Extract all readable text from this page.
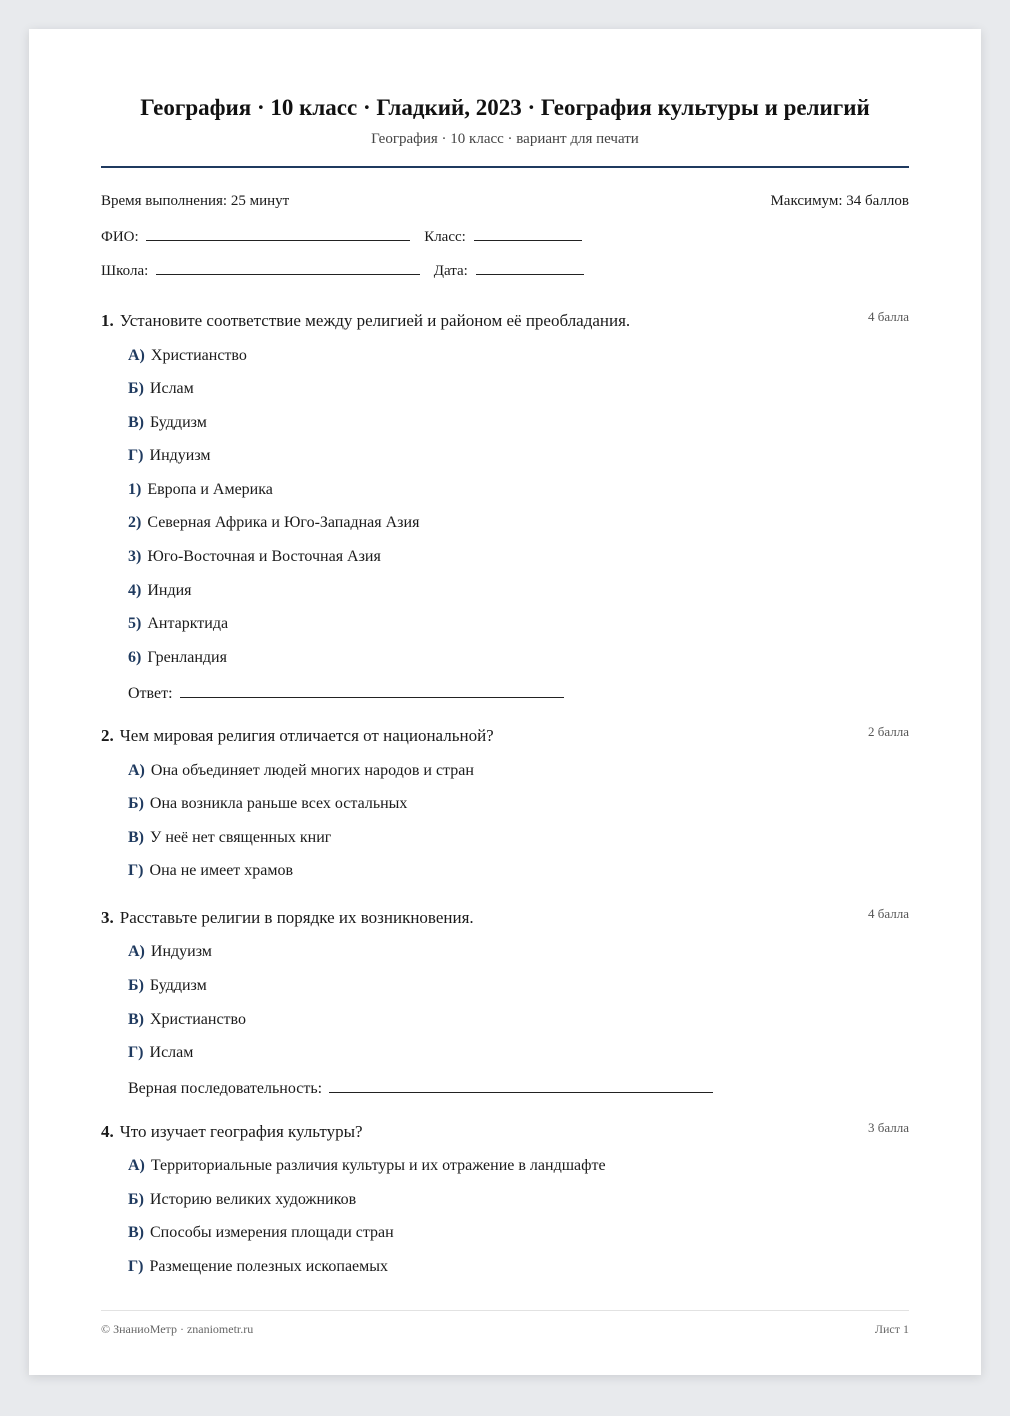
География · 10 класс · Гладкий, 2023 · География культуры и религий
География · 10 класс · вариант для печати
Время выполнения: 25 минут	Максимум: 34 баллов
ФИО:	Класс:
Школа:	Дата:
1. Установите соответствие между религией и районом её преобладания.	4 балла
А) Христианство
Б) Ислам
В) Буддизм
Г) Индуизм
1) Европа и Америка
2) Северная Африка и Юго-Западная Азия
3) Юго-Восточная и Восточная Азия
4) Индия
5) Антарктида
6) Гренландия
Ответ:
2. Чем мировая религия отличается от национальной?	2 балла
А) Она объединяет людей многих народов и стран
Б) Она возникла раньше всех остальных
В) У неё нет священных книг
Г) Она не имеет храмов
3. Расставьте религии в порядке их возникновения.	4 балла
А) Индуизм
Б) Буддизм
В) Христианство
Г) Ислам
Верная последовательность:
4. Что изучает география культуры?	3 балла
А) Территориальные различия культуры и их отражение в ландшафте
Б) Историю великих художников
В) Способы измерения площади стран
Г) Размещение полезных ископаемых
© ЗнаниоМетр · znaniometr.ru	Лист 1
